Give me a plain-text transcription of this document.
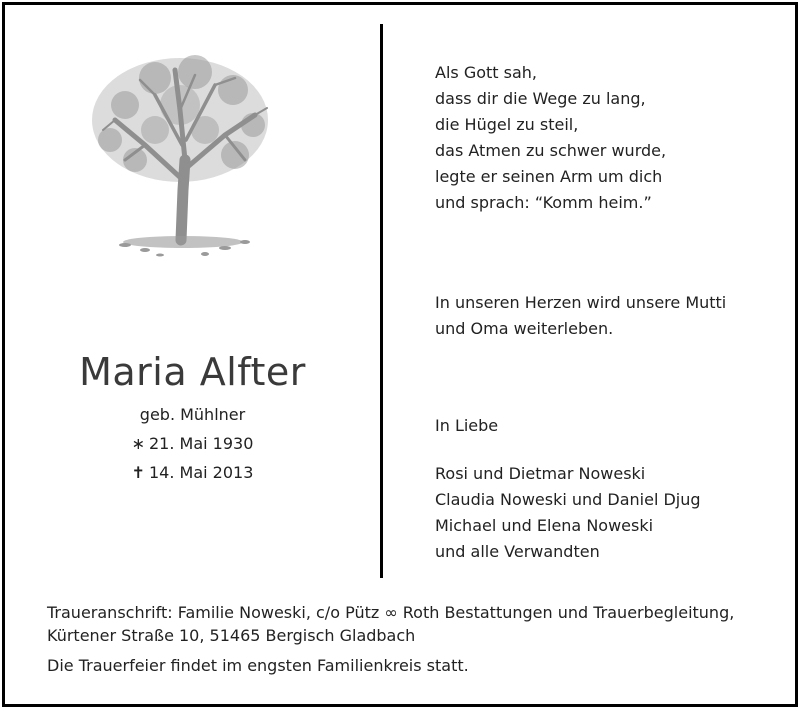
Maria Alfter
geb. Mühlner
∗ 21. Mai 1930
✝ 14. Mai 2013
Als Gott sah,
dass dir die Wege zu lang,
die Hügel zu steil,
das Atmen zu schwer wurde,
legte er seinen Arm um dich
und sprach: “Komm heim.”
In unseren Herzen wird unsere Mutti
und Oma weiterleben.
In Liebe
Rosi und Dietmar Noweski
Claudia Noweski und Daniel Djug
Michael und Elena Noweski
und alle Verwandten
Traueranschrift: Familie Noweski, c/o Pütz ∞ Roth Bestattungen und Trauerbegleitung,
Kürtener Straße 10, 51465 Bergisch Gladbach
Die Trauerfeier findet im engsten Familienkreis statt.
